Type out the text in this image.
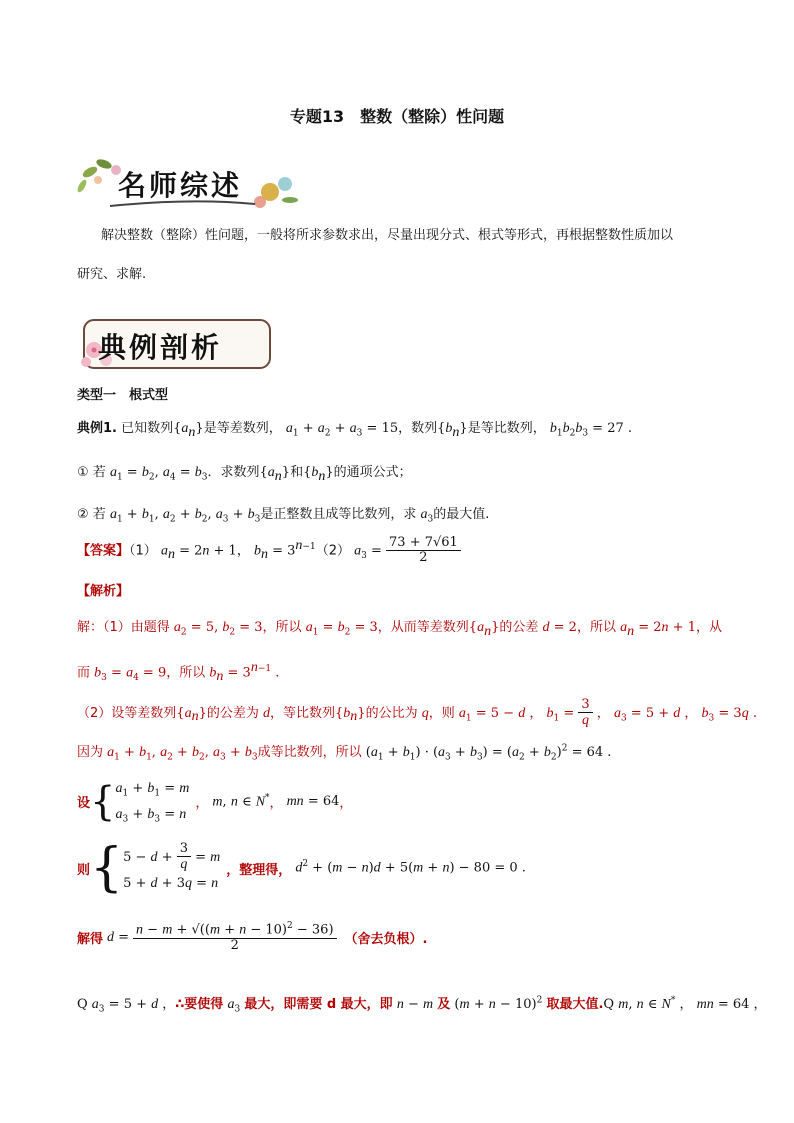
专题13　整数（整除）性问题
名师综述
解决整数（整除）性问题，一般将所求参数求出，尽量出现分式、根式等形式，再根据整数性质加以
研究、求解.
典例剖析
类型一　根式型
典例1. 已知数列$\{a_n\}$是等差数列， $a_1 + a_2 + a_3 = 15$，数列$\{b_n\}$是等比数列， $b_1b_2b_3 = 27$ .
① 若 $a_1 = b_2$, $a_4 = b_3$．求数列$\{a_n\}$和$\{b_n\}$的通项公式；
② 若 $a_1 + b_1$, $a_2 + b_2$, $a_3 + b_3$是正整数且成等比数列，求 $a_3$的最大值.
【答案】（1） $a_n = 2n + 1$， $b_n = 3^{n-1}(2) a_3 = \frac{73 + 7√61}{2}$
【解析】
解：（1）由题得 $a_2 = 5$, $b_2 = 3$，所以 $a_1 = b_2 = 3$，从而等差数列$\{a_n\}$的公差 d = 2，所以 $a_n = 2n + 1$，从
而 $b_3 = a_4 = 9$，所以 $b_n = 3^{n-1}$ .
（2）设等差数列$\{a_n\}$的公差为 d，等比数列$\{b_n\}$的公比为 q，则 $a_1 = 5 - d$ ， $b_1 = \frac{3}{q}$ ， $a_3 = 5 + d$ ， $b_3 = 3q$ .
因为 $a_1 + b_1$, $a_2 + b_2$, $a_3 + b_3$成等比数列，所以 $(a_1 + b_1) \cdot (a_3 + b_3) = (a_2 + b_2)^2 = 64$ .
设 { $a_1 + b_1 = m$
$a_3 + b_3 = n$
， m, n ∈ N* ， mn = 64 ，
则 { $5 - d + \frac{3}{q} = m$
5 + d + 3q = n
，整理得， $d^2 + (m - n)d + 5(m + n) - 80 = 0$ .
解得 $d = \frac{n - m + √((m + n - 10)^2 - 36)}{2}$ （舍去负根）.
Q $a_3 = 5 + d$ ，∴要使得 $a_3$ 最大，即需要 d 最大，即 n − m 及 $(m + n - 10)^2$ 取最大值.Q m, n ∈ N* ， mn = 64 ，
